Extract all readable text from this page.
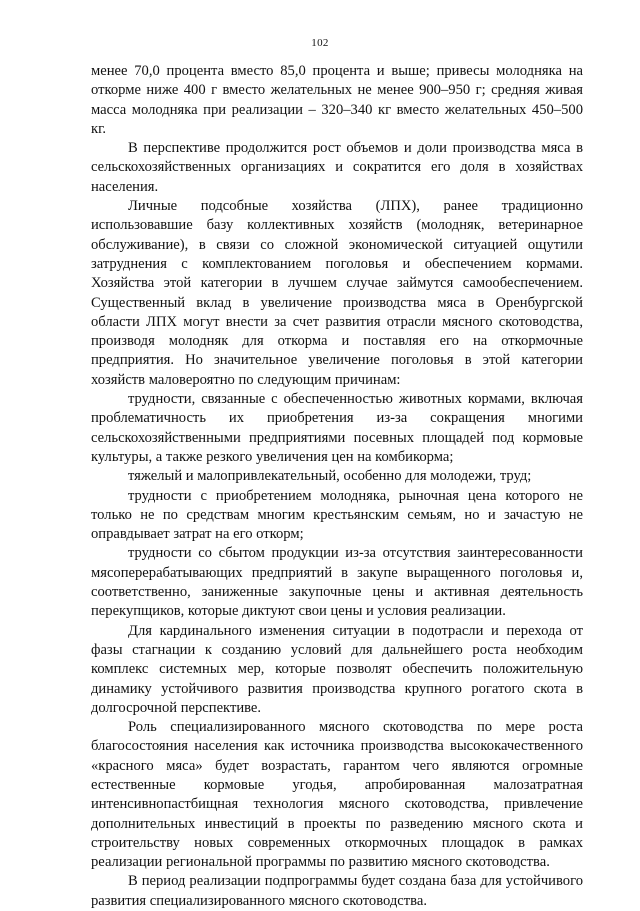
102

менее 70,0 процента вместо 85,0 процента и выше; привесы молодняка на откорме ниже 400 г вместо желательных не менее 900–950 г; средняя живая масса молодняка при реализации – 320–340 кг вместо желательных 450–500 кг.

В перспективе продолжится рост объемов и доли производства мяса в сельскохозяйственных организациях и сократится его доля в хозяйствах населения.

Личные подсобные хозяйства (ЛПХ), ранее традиционно использовавшие базу коллективных хозяйств (молодняк, ветеринарное обслуживание), в связи со сложной экономической ситуацией ощутили затруднения с комплектованием поголовья и обеспечением кормами. Хозяйства этой категории в лучшем случае займутся самообеспечением. Существенный вклад в увеличение производства мяса в Оренбургской области ЛПХ могут внести за счет развития отрасли мясного скотоводства, производя молодняк для откорма и поставляя его на откормочные предприятия. Но значительное увеличение поголовья в этой категории хозяйств маловероятно по следующим причинам:

трудности, связанные с обеспеченностью животных кормами, включая проблематичность их приобретения из-за сокращения многими сельскохозяйственными предприятиями посевных площадей под кормовые культуры, а также резкого увеличения цен на комбикорма;

тяжелый и малопривлекательный, особенно для молодежи, труд;

трудности с приобретением молодняка, рыночная цена которого не только не по средствам многим крестьянским семьям, но и зачастую не оправдывает затрат на его откорм;

трудности со сбытом продукции из-за отсутствия заинтересованности мясоперерабатывающих предприятий в закупе выращенного поголовья и, соответственно, заниженные закупочные цены и активная деятельность перекупщиков, которые диктуют свои цены и условия реализации.

Для кардинального изменения ситуации в подотрасли и перехода от фазы стагнации к созданию условий для дальнейшего роста необходим комплекс системных мер, которые позволят обеспечить положительную динамику устойчивого развития производства крупного рогатого скота в долгосрочной перспективе.

Роль специализированного мясного скотоводства по мере роста благосостояния населения как источника производства высококачественного «красного мяса» будет возрастать, гарантом чего являются огромные естественные кормовые угодья, апробированная малозатратная интенсивнопастбищная технология мясного скотоводства, привлечение дополнительных инвестиций в проекты по разведению мясного скота и строительству новых современных откормочных площадок в рамках реализации региональной программы по развитию мясного скотоводства.

В период реализации подпрограммы будет создана база для устойчивого развития специализированного мясного скотоводства.
